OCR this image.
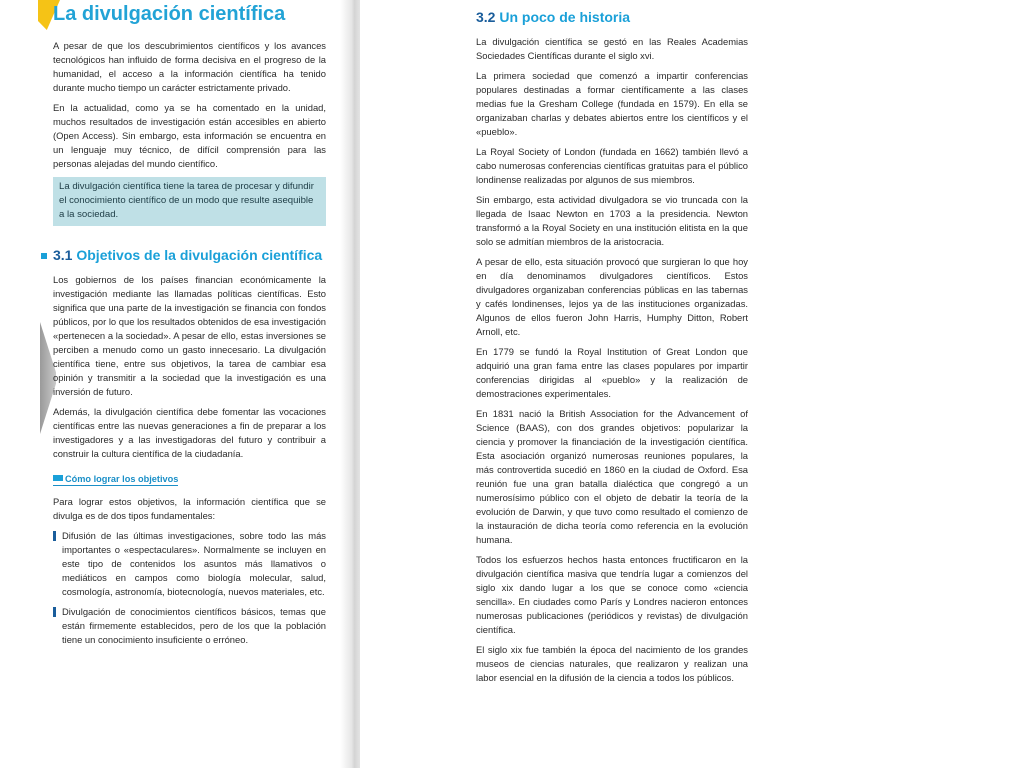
La divulgación científica

A pesar de que los descubrimientos científicos y los avances tecnológicos han influido de forma decisiva en el progreso de la humanidad, el acceso a la información científica ha tenido durante mucho tiempo un carácter estrictamente privado.

En la actualidad, como ya se ha comentado en la unidad, muchos resultados de investigación están accesibles en abierto (Open Access). Sin embargo, esta información se encuentra en un lenguaje muy técnico, de difícil comprensión para las personas alejadas del mundo científico.

La divulgación científica tiene la tarea de procesar y difundir el conocimiento científico de un modo que resulte asequible a la sociedad.
3.1 Objetivos de la divulgación científica

Los gobiernos de los países financian económicamente la investigación mediante las llamadas políticas científicas. Esto significa que una parte de la investigación se financia con fondos públicos, por lo que los resultados obtenidos de esa investigación «pertenecen a la sociedad». A pesar de ello, estas inversiones se perciben a menudo como un gasto innecesario. La divulgación científica tiene, entre sus objetivos, la tarea de cambiar esa opinión y transmitir a la sociedad que la investigación es una inversión de futuro.

Además, la divulgación científica debe fomentar las vocaciones científicas entre las nuevas generaciones a fin de preparar a los investigadores y a las investigadoras del futuro y contribuir a construir la cultura científica de la ciudadanía.

Cómo lograr los objetivos

Para lograr estos objetivos, la información científica que se divulga es de dos tipos fundamentales:

Difusión de las últimas investigaciones, sobre todo las más importantes o «espectaculares». Normalmente se incluyen en este tipo de contenidos los asuntos más llamativos o mediáticos en campos como biología molecular, salud, cosmología, astronomía, biotecnología, nuevos materiales, etc.

Divulgación de conocimientos científicos básicos, temas que están firmemente establecidos, pero de los que la población tiene un conocimiento insuficiente o erróneo.

3.2 Un poco de historia

La divulgación científica se gestó en las Reales Academias Sociedades Científicas durante el siglo xvi.

La primera sociedad que comenzó a impartir conferencias populares destinadas a formar científicamente a las clases medias fue la Gresham College (fundada en 1579). En ella se organizaban charlas y debates abiertos entre los científicos y el «pueblo».

La Royal Society of London (fundada en 1662) también llevó a cabo numerosas conferencias científicas gratuitas para el público londinense realizadas por algunos de sus miembros.

Sin embargo, esta actividad divulgadora se vio truncada con la llegada de Isaac Newton en 1703 a la presidencia. Newton transformó a la Royal Society en una institución elitista en la que solo se admitían miembros de la aristocracia.

A pesar de ello, esta situación provocó que surgieran lo que hoy en día denominamos divulgadores científicos. Estos divulgadores organizaban conferencias públicas en las tabernas y cafés londinenses, lejos ya de las instituciones organizadas. Algunos de ellos fueron John Harris, Humphy Ditton, Robert Arnoll, etc.

En 1779 se fundó la Royal Institution of Great London que adquirió una gran fama entre las clases populares por impartir conferencias dirigidas al «pueblo» y la realización de demostraciones experimentales.

En 1831 nació la British Association for the Advancement of Science (BAAS), con dos grandes objetivos: popularizar la ciencia y promover la financiación de la investigación científica. Esta asociación organizó numerosas reuniones populares, la más controvertida sucedió en 1860 en la ciudad de Oxford. Esa reunión fue una gran batalla dialéctica que congregó a un numerosísimo público con el objeto de debatir la teoría de la evolución de Darwin, y que tuvo como resultado el comienzo de la instauración de dicha teoría como referencia en la evolución humana.

Todos los esfuerzos hechos hasta entonces fructificaron en la divulgación científica masiva que tendría lugar a comienzos del siglo xix dando lugar a los que se conoce como «ciencia sencilla». En ciudades como París y Londres nacieron entonces numerosas publicaciones (periódicos y revistas) de divulgación científica.

El siglo xix fue también la época del nacimiento de los grandes museos de ciencias naturales, que realizaron y realizan una labor esencial en la difusión de la ciencia a todos los públicos.
